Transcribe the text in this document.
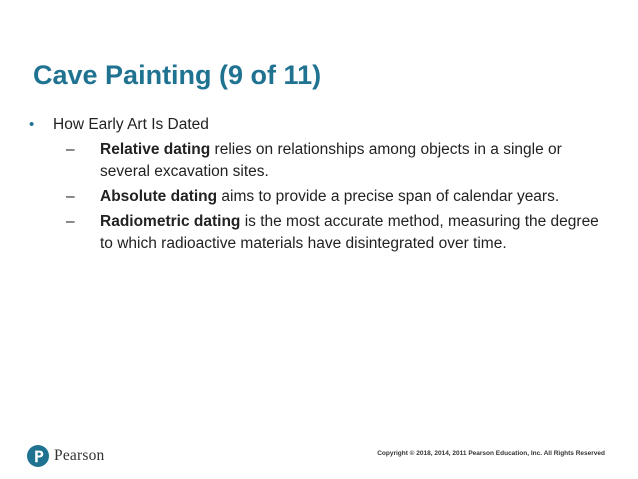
Cave Painting (9 of 11)
• How Early Art Is Dated
– Relative dating relies on relationships among objects in a single or several excavation sites.
– Absolute dating aims to provide a precise span of calendar years.
– Radiometric dating is the most accurate method, measuring the degree to which radioactive materials have disintegrated over time.
Pearson	Copyright © 2018, 2014, 2011 Pearson Education, Inc. All Rights Reserved
